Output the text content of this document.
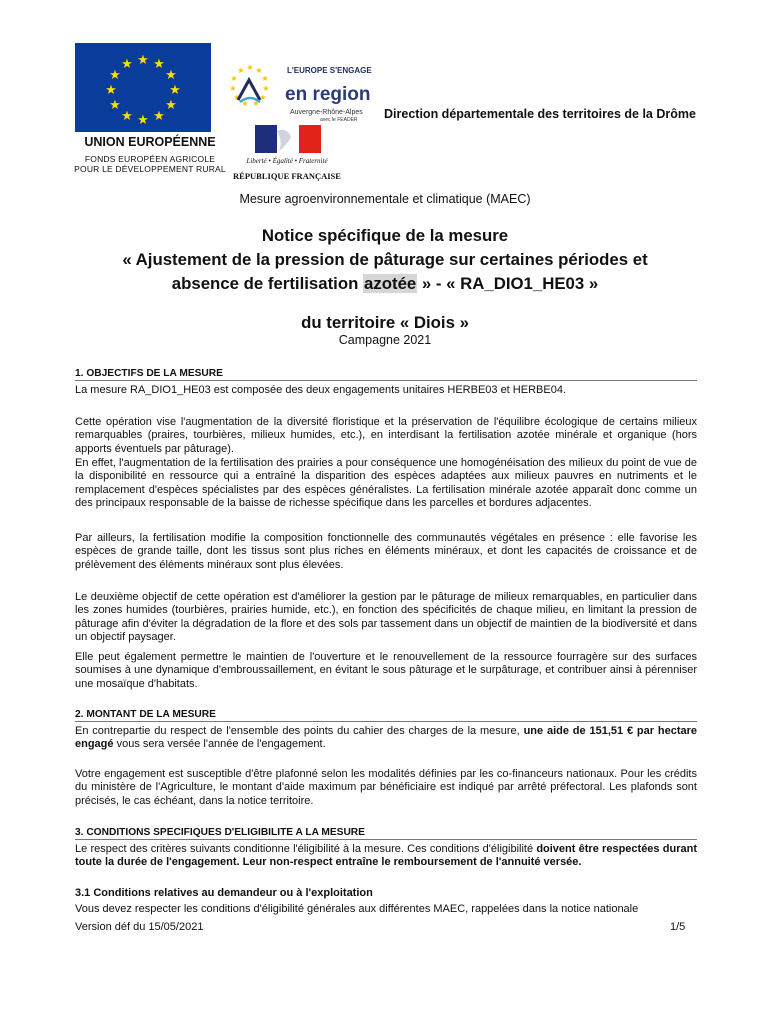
★ ★
★
★
★
★
★
★
★
★
★
★
UNION EUROPÉENNE
FONDS EUROPÉEN AGRICOLE
POUR LE DÉVELOPPEMENT RURAL
★ ★
★
★
★
★
★
★
★
★
★	L'EUROPE S'ENGAGE
en region
Auvergne-Rhône-Alpes
avec le FEADER
Liberté • Égalité • Fraternité
RÉPUBLIQUE FRANÇAISE
Direction départementale des territoires de la Drôme
Mesure agroenvironnementale et climatique (MAEC)
Notice spécifique de la mesure
« Ajustement de la pression de pâturage sur certaines périodes et
absence de fertilisation azotée » - « RA_DIO1_HE03 »
du territoire « Diois »
Campagne 2021
1. OBJECTIFS DE LA MESURE
La mesure RA_DIO1_HE03 est composée des deux engagements unitaires HERBE03 et HERBE04.
Cette opération vise l'augmentation de la diversité floristique et la préservation de l'équilibre écologique de certains milieux remarquables (praires, tourbières, milieux humides, etc.), en interdisant la fertilisation azotée minérale et organique (hors apports éventuels par pâturage).
En effet, l'augmentation de la fertilisation des prairies a pour conséquence une homogénéisation des milieux du point de vue de la disponibilité en ressource qui a entraîné la disparition des espèces adaptées aux milieux pauvres en nutriments et le remplacement d'espèces spécialistes par des espèces généralistes. La fertilisation minérale azotée apparaît donc comme un des principaux responsable de la baisse de richesse spécifique dans les parcelles et bordures adjacentes.
Par ailleurs, la fertilisation modifie la composition fonctionnelle des communautés végétales en présence : elle favorise les espèces de grande taille, dont les tissus sont plus riches en éléments minéraux, et dont les capacités de croissance et de prélèvement des éléments minéraux sont plus élevées.
Le deuxième objectif de cette opération est d'améliorer la gestion par le pâturage de milieux remarquables, en particulier dans les zones humides (tourbières, prairies humide, etc.), en fonction des spécificités de chaque milieu, en limitant la pression de pâturage afin d'éviter la dégradation de la flore et des sols par tassement dans un objectif de maintien de la biodiversité et dans un objectif paysager.
Elle peut également permettre le maintien de l'ouverture et le renouvellement de la ressource fourragère sur des surfaces soumises à une dynamique d'embroussaillement, en évitant le sous pâturage et le surpâturage, et contribuer ainsi à pérenniser une mosaïque d'habitats.
2. MONTANT DE LA MESURE
En contrepartie du respect de l'ensemble des points du cahier des charges de la mesure, une aide de 151,51 € par hectare engagé vous sera versée l'année de l'engagement.
Votre engagement est susceptible d'être plafonné selon les modalités définies par les co-financeurs nationaux. Pour les crédits du ministère de l'Agriculture, le montant d'aide maximum par bénéficiaire est indiqué par arrêté préfectoral. Les plafonds sont précisés, le cas échéant, dans la notice territoire.
3. CONDITIONS SPECIFIQUES D'ELIGIBILITE A LA MESURE
Le respect des critères suivants conditionne l'éligibilité à la mesure. Ces conditions d'éligibilité doivent être respectées durant toute la durée de l'engagement. Leur non-respect entraîne le remboursement de l'annuité versée.
3.1 Conditions relatives au demandeur ou à l'exploitation
Vous devez respecter les conditions d'éligibilité générales aux différentes MAEC, rappelées dans la notice nationale
Version déf du 15/05/2021	1/5
